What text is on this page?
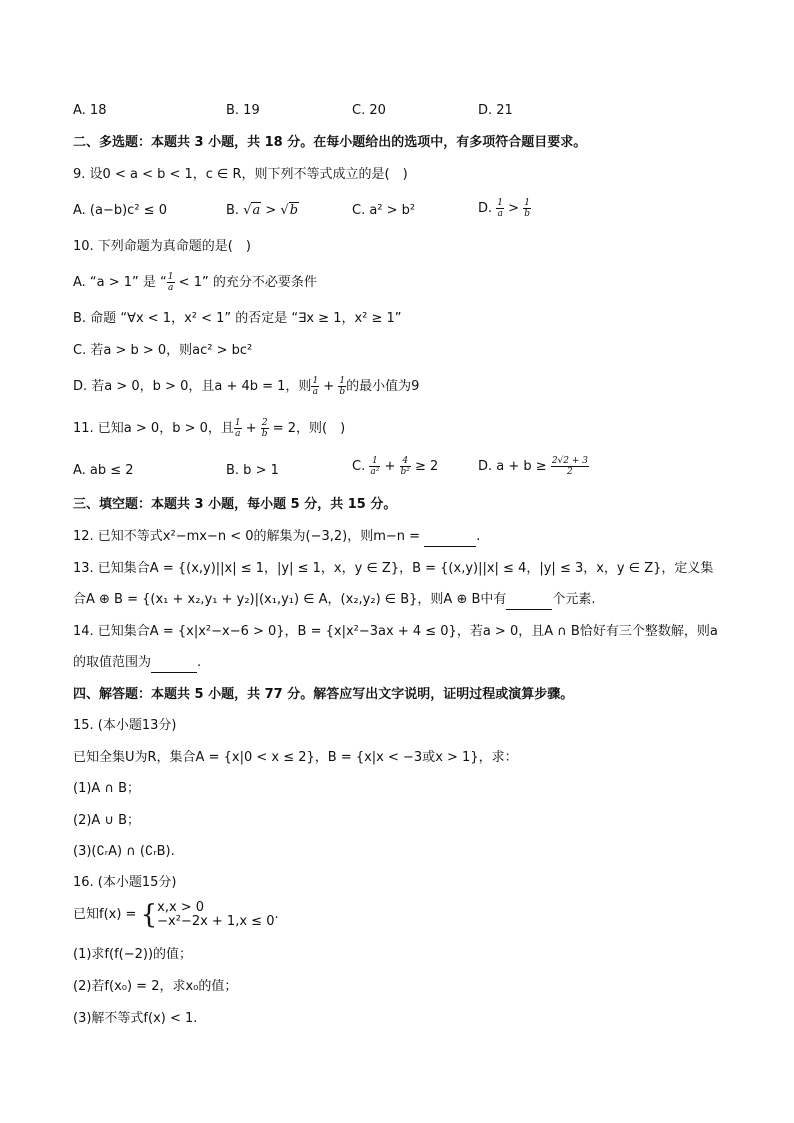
A. 18	B. 19	C. 20	D. 21
二、多选题：本题共 3 小题，共 18 分。在每小题给出的选项中，有多项符合题目要求。
9. 设0 < a < b < 1，c ∈ R，则下列不等式成立的是(　)
A. (a−b)c² ≤ 0	B. √a > √b	C. a² > b²	D. $\frac{1}{a} > \frac{1}{b}$
10. 下列命题为真命题的是(　)
A. “a > 1” 是 “ $\frac{1}{a} < 1$” 的充分不必要条件
B. 命题 “∀x < 1，x² < 1” 的否定是 “∃x ≥ 1，x² ≥ 1”
C. 若a > b > 0，则ac² > bc²
D. 若a > 0，b > 0，且a + 4b = 1，则 $\frac{1}{a} + \frac{1}{b}$ 的最小值为9
11. 已知a > 0，b > 0，且 $\frac{1}{a} + \frac{2}{b} = 2$，则(　)
A. ab ≤ 2	B. b > 1	C. $\frac{1}{\text{a²}} + \frac{4}{\text{b²}} \ge 2$	D. $a + b \ge \frac{2√2 + 3}{2}$
三、填空题：本题共 3 小题，每小题 5 分，共 15 分。
12. 已知不等式x²−mx−n < 0的解集为(−3,2)，则m−n =	.
13. 已知集合A = {(x,y)||x| ≤ 1，|y| ≤ 1，x，y ∈ Z}，B = {(x,y)||x| ≤ 4，|y| ≤ 3，x，y ∈ Z}，定义集
合A ⊕ B = {(x₁ + x₂,y₁ + y₂)|(x₁,y₁) ∈ A，(x₂,y₂) ∈ B}，则A ⊕ B中有	个元素.
14. 已知集合A = {x|x²−x−6 > 0}，B = {x|x²−3ax + 4 ≤ 0}，若a > 0，且A ∩ B恰好有三个整数解，则a
的取值范围为	.
四、解答题：本题共 5 小题，共 77 分。解答应写出文字说明，证明过程或演算步骤。
15. (本小题13分)
已知全集U为R，集合A = {x|0 < x ≤ 2}，B = {x|x < −3或x > 1}，求：
(1)A ∩ B；
(2)A ∪ B；
(3)(∁ᵣA) ∩ (∁ᵣB).
16. (本小题15分)
已知f(x) = { x,x > 0
−x²−2x + 1,x ≤ 0 .
(1)求f(f(−2))的值；
(2)若f(x₀) = 2，求x₀的值；
(3)解不等式f(x) < 1.
